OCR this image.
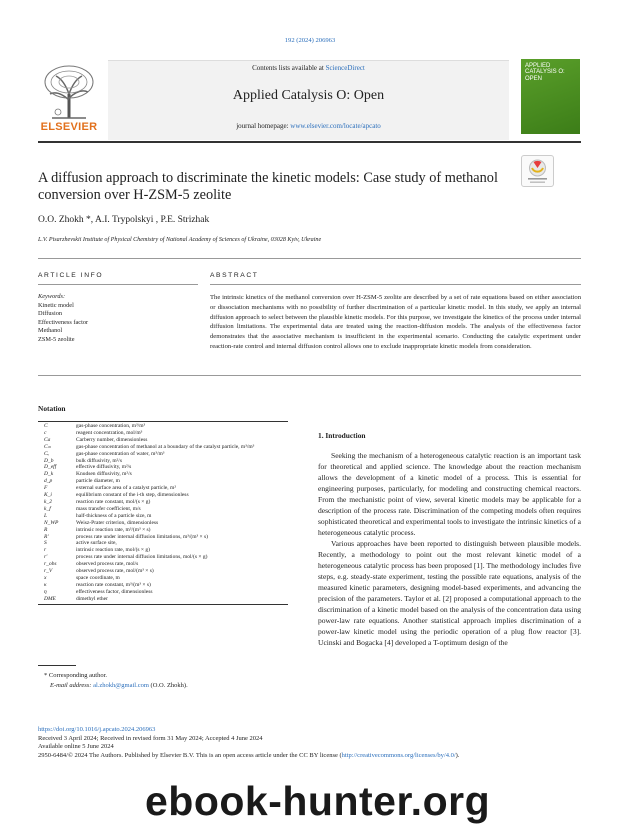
192 (2024) 206963
ELSEVIER
Contents lists available at ScienceDirect
Applied Catalysis O: Open
journal homepage: www.elsevier.com/locate/apcato
APPLIED CATALYSIS O: OPEN
A diffusion approach to discriminate the kinetic models: Case study of methanol conversion over H-ZSM-5 zeolite
O.O. Zhokh *, A.I. Trypolskyi , P.E. Strizhak
L.V. Pisarzhevskii Institute of Physical Chemistry of National Academy of Sciences of Ukraine, 03028 Kyiv, Ukraine
ARTICLE INFO	ABSTRACT
Keywords:
Kinetic model
Diffusion
Effectiveness factor
Methanol
ZSM-5 zeolite
The intrinsic kinetics of the methanol conversion over H-ZSM-5 zeolite are described by a set of rate equations based on either association or dissociation mechanisms with no possibility of further discrimination of a particular kinetic model. In this study, we apply an internal diffusion approach to select between the plausible kinetic models. For this purpose, we investigate the kinetics of the process under internal diffusion limitations. The experimental data are treated using the reaction-diffusion models. The analysis of the effectiveness factor demonstrates that the associative mechanism is insufficient in the experimental scenario. Conducting the catalytic experiment under reaction-rate control and internal diffusion control allows one to exclude inappropriate kinetic models from consideration.
Notation
C	gas-phase concentration, m³/m³
c	reagent concentration, mol/m³
Ca	Carberry number, dimensionless
Cₘ	gas-phase concentration of methanol at a boundary of the catalyst particle, m³/m³
Cᵥ	gas-phase concentration of water, m³/m³
D_b	bulk diffusivity, m²/s
D_eff	effective diffusivity, m²/s
D_k	Knudsen diffusivity, m²/s
d_p	particle diameter, m
F	external surface area of a catalyst particle, m²
K_i	equilibrium constant of the i-th step, dimensionless
k_2	reaction rate constant, mol/(s × g)
k_f	mass transfer coefficient, m/s
L	half-thickness of a particle size, m
N_WP	Weisz-Prater criterion, dimensionless
R	intrinsic reaction rate, m³/(m³ × s)
R'	process rate under internal diffusion limitations, m³/(m³ × s)
S	active surface site,
r	intrinsic reaction rate, mol/(s × g)
r'	process rate under internal diffusion limitations, mol/(s × g)
r_obs	observed process rate, mol/s
r_V	observed process rate, mol/(m³ × s)
x	space coordinate, m
κ	reaction rate constant, m³/(m³ × s)
η	effectiveness factor, dimensionless
DME	dimethyl ether
1. Introduction

Seeking the mechanism of a heterogeneous catalytic reaction is an important task for theoretical and applied science. The knowledge about the reaction mechanism allows the development of a kinetic model of a process. This is essential for engineering purposes, particularly, for modeling and constructing chemical reactors. From the mechanistic point of view, several kinetic models may be applicable for a description of the process rate. Discrimination of the competing models often requires sophisticated theoretical and experimental tools to investigate the intrinsic kinetics of a heterogeneous catalytic process.

Various approaches have been reported to distinguish between plausible models. Recently, a methodology to point out the most relevant kinetic model of a heterogeneous catalytic process has been proposed [1]. The methodology includes five steps, e.g. steady-state experiment, testing the possible rate equations, analysis of the measured kinetic parameters, designing model-based experiments, and advancing the precision of the parameters. Taylor et al. [2] proposed a computational approach to the discrimination of a kinetic model based on the analysis of the concentration data using power-law rate equations. Another statistical approach implies discrimination of a power-law kinetic model using the periodic operation of a plug flow reactor [3]. Ucinski and Bogacka [4] developed a T-optimum design of the

* Corresponding author.
E-mail address: al.zhokh@gmail.com (O.O. Zhokh).
https://doi.org/10.1016/j.apcato.2024.206963
Received 3 April 2024; Received in revised form 31 May 2024; Accepted 4 June 2024
Available online 5 June 2024
2950-6484/© 2024 The Authors. Published by Elsevier B.V. This is an open access article under the CC BY license (http://creativecommons.org/licenses/by/4.0/).
ebook-hunter.org
